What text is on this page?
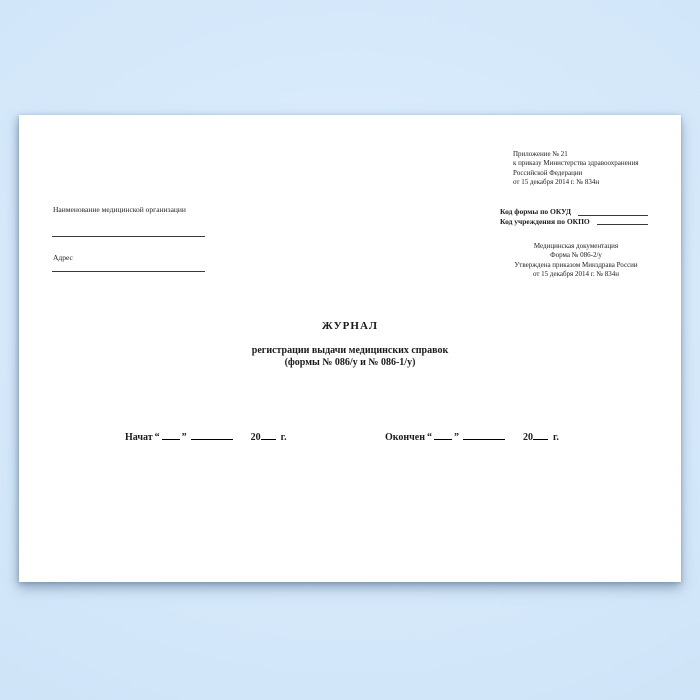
Наименование медицинской организации
Адрес
Приложение № 21
к приказу Министерства здравоохранения
Российской Федерации
от 15 декабря 2014 г. № 834н
Код формы по ОКУД
Код учреждения по ОКПО
Медицинская документация
Форма № 086-2/у
Утверждена приказом Минздрава России
от 15 декабря 2014 г. № 834н
ЖУРНАЛ
регистрации выдачи медицинских справок
(формы № 086/у и № 086-1/у)
Начат “ ”	20 г.	Окончен “ ”	20 г.
